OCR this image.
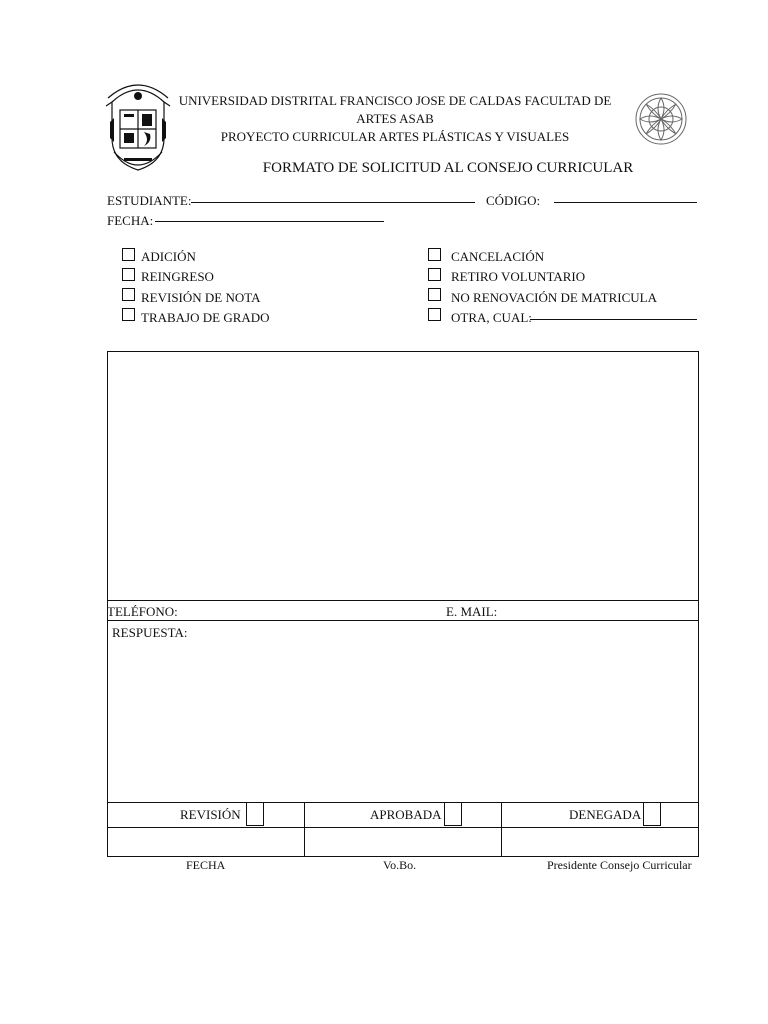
UNIVERSIDAD DISTRITAL FRANCISCO JOSE DE CALDAS FACULTAD DE
ARTES ASAB
PROYECTO CURRICULAR ARTES PLÁSTICAS Y VISUALES
FORMATO DE SOLICITUD AL CONSEJO CURRICULAR
ESTUDIANTE:	CÓDIGO:
FECHA:
ADICIÓN
REINGRESO
REVISIÓN DE NOTA
TRABAJO DE GRADO
CANCELACIÓN
RETIRO VOLUNTARIO
NO RENOVACIÓN DE MATRICULA
OTRA, CUAL:
TELÉFONO:	E. MAIL:
RESPUESTA:
REVISIÓN	APROBADA	DENEGADA
FECHA	Vo.Bo.	Presidente Consejo Curricular
